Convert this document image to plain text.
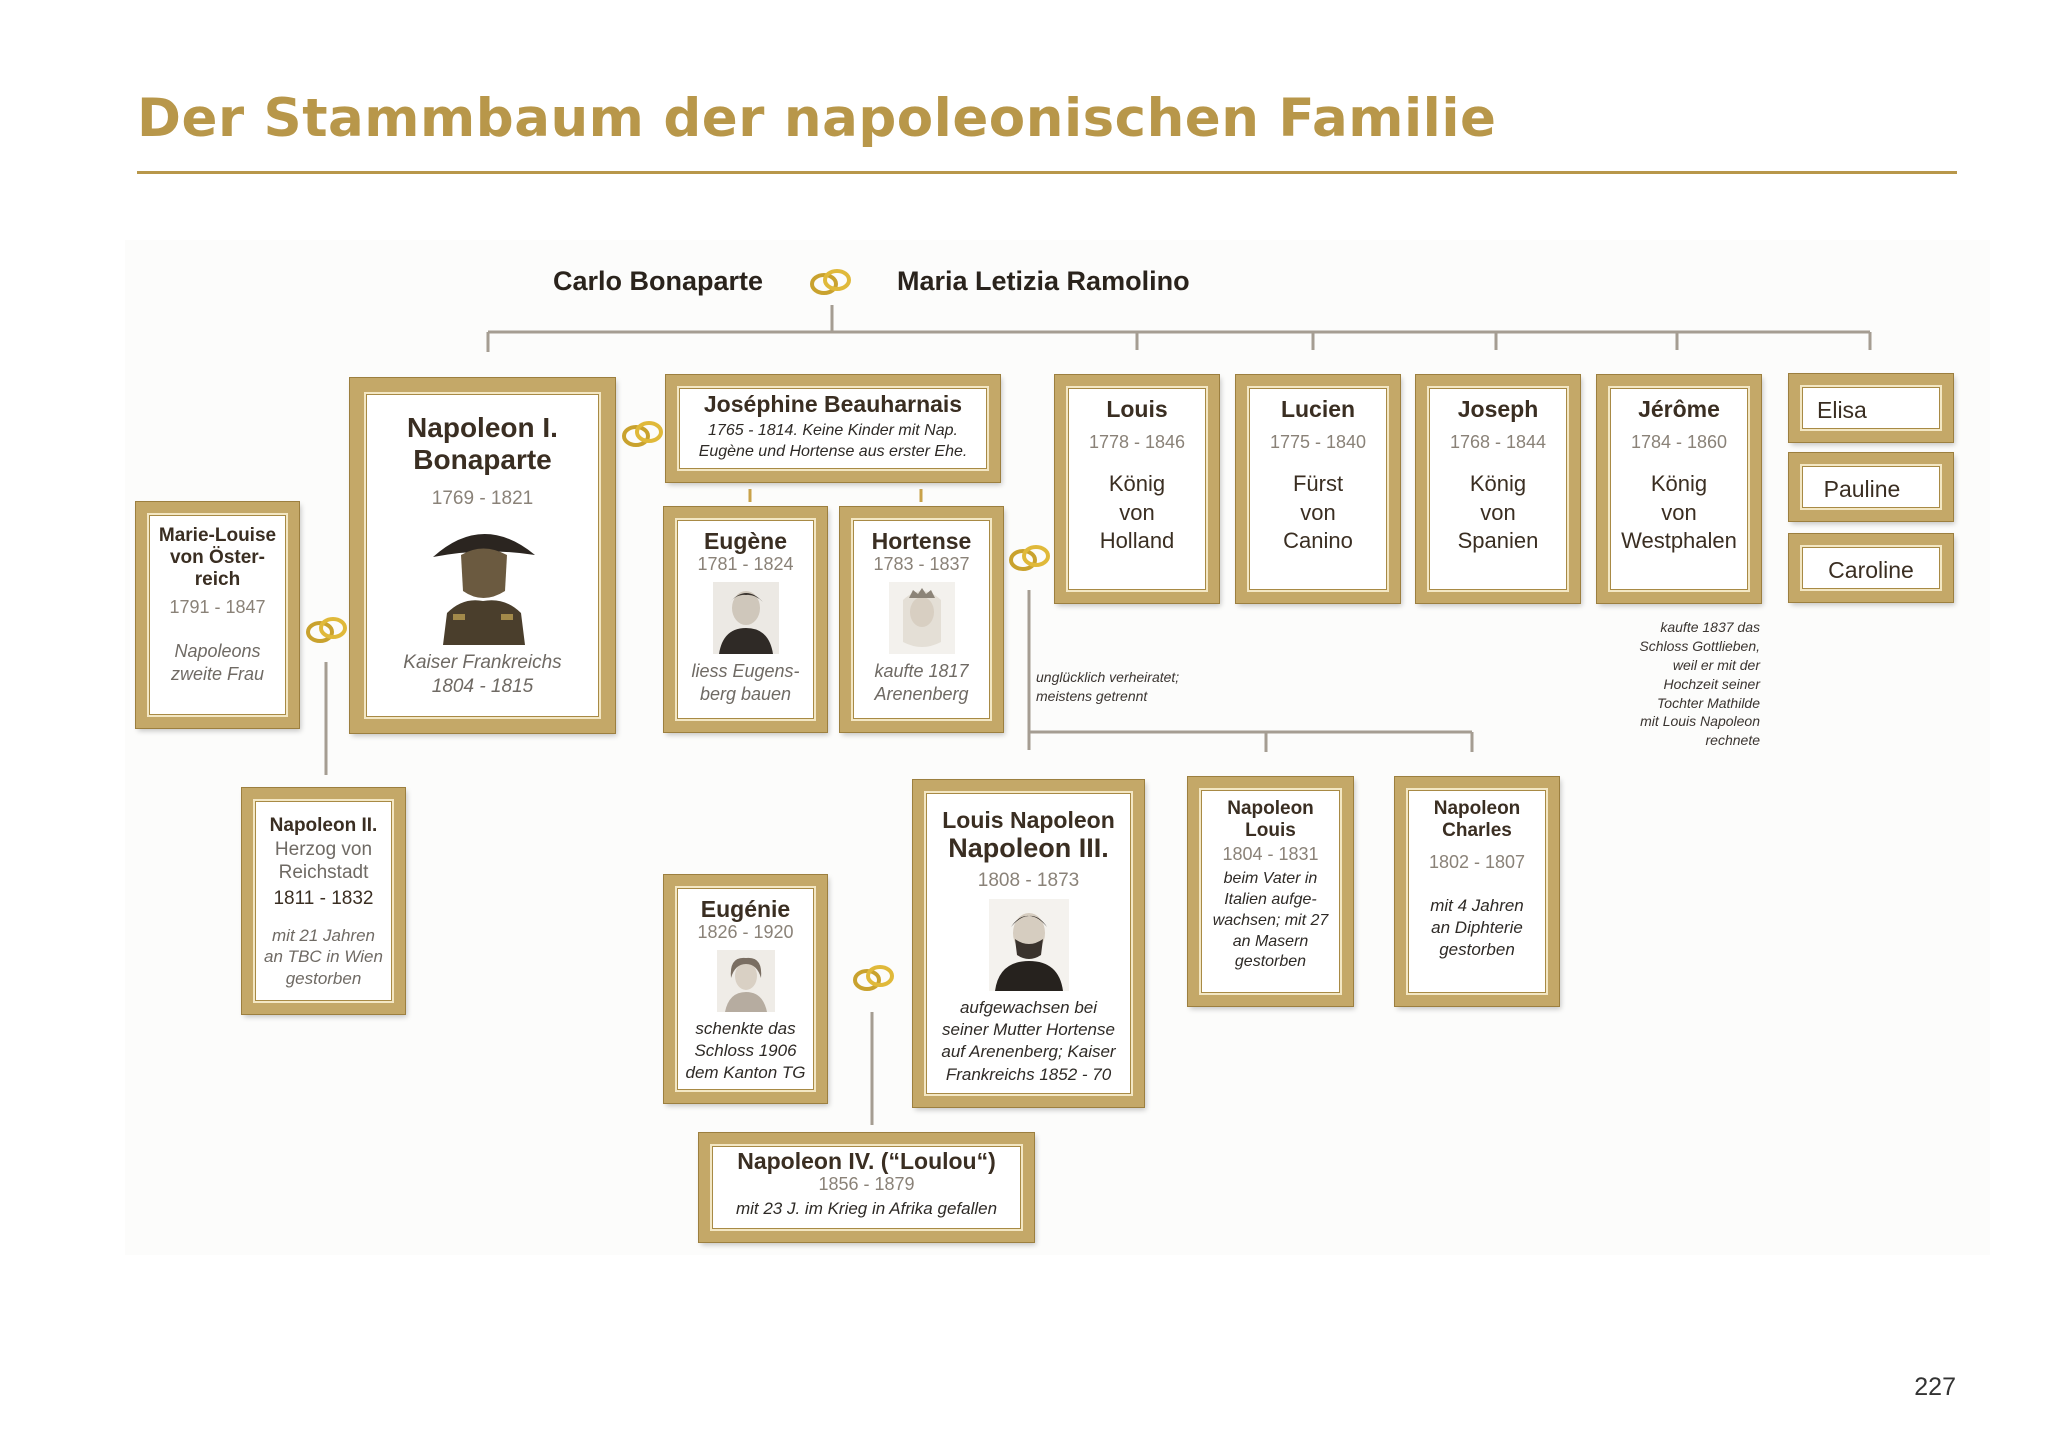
Der Stammbaum der napoleonischen Familie
Carlo Bonaparte	Maria Letizia Ramolino
Napoleon I.
Bonaparte
1769 - 1821
Kaiser Frankreichs
1804 - 1815
Joséphine Beauharnais
1765 - 1814. Keine Kinder mit Nap.
Eugène und Hortense aus erster Ehe.
Marie-Louise
von Öster-
reich
1791 - 1847
Napoleons
zweite Frau
Eugène
1781 - 1824
liess Eugens-
berg bauen
Hortense
1783 - 1837
kaufte 1817
Arenenberg
Louis
1778 - 1846
König
von
Holland
Lucien
1775 - 1840
Fürst
von
Canino
Joseph
1768 - 1844
König
von
Spanien
Jérôme
1784 - 1860
König
von
Westphalen
kaufte 1837 das
Schloss Gottlieben,
weil er mit der
Hochzeit seiner
Tochter Mathilde
mit Louis Napoleon
rechnete
Elisa
Pauline
Caroline
unglücklich verheiratet;
meistens getrennt
Napoleon II.
Herzog von
Reichstadt
1811 - 1832
mit 21 Jahren
an TBC in Wien
gestorben
Eugénie
1826 - 1920
schenkte das
Schloss 1906
dem Kanton TG
Louis Napoleon
Napoleon III.
1808 - 1873
aufgewachsen bei
seiner Mutter Hortense
auf Arenenberg; Kaiser
Frankreichs 1852 - 70
Napoleon
Louis
1804 - 1831
beim Vater in
Italien aufge-
wachsen; mit 27
an Masern
gestorben
Napoleon
Charles
1802 - 1807
mit 4 Jahren
an Diphterie
gestorben
Napoleon IV. (“Loulou“)
1856 - 1879
mit 23 J. im Krieg in Afrika gefallen
227
